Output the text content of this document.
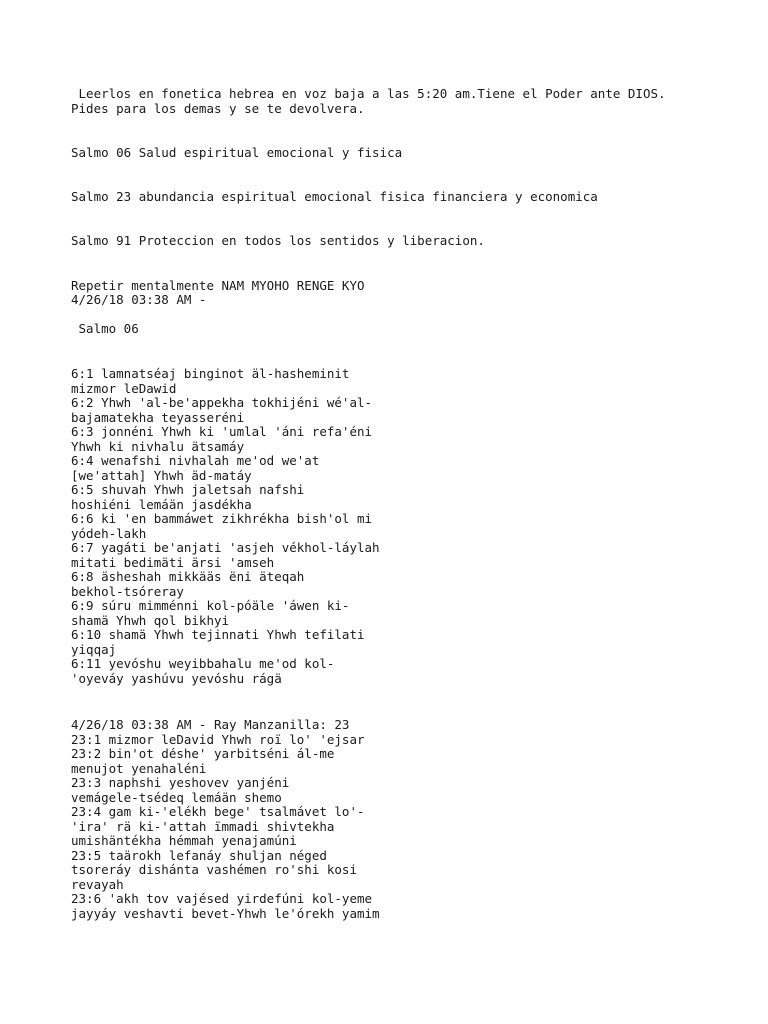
Leerlos en fonetica hebrea en voz baja a las 5:20 am.Tiene el Poder ante DIOS.
Pides para los demas y se te devolvera.
Salmo 06 Salud espiritual emocional y fisica
Salmo 23 abundancia espiritual emocional fisica financiera y economica
Salmo 91 Proteccion en todos los sentidos y liberacion.
Repetir mentalmente NAM MYOHO RENGE KYO
4/26/18 03:38 AM -
Salmo 06
6:1 lamnatséaj binginot äl-hasheminit
mizmor leDawid
6:2 Yhwh 'al-be'appekha tokhijéni wé'al-
bajamatekha teyasseréni
6:3 jonnéni Yhwh ki 'umlal 'áni refa'éni
Yhwh ki nivhalu ätsamáy
6:4 wenafshi nivhalah me'od we'at
[we'attah] Yhwh äd-matáy
6:5 shuvah Yhwh jaletsah nafshi
hoshiéni lemáän jasdékha
6:6 ki 'en bammáwet zikhrékha bish'ol mi
yódeh-lakh
6:7 yagáti be'anjati 'asjeh vékhol-láylah
mitati bedimäti ärsi 'amseh
6:8 äsheshah mikkääs ëni äteqah
bekhol-tsóreray
6:9 súru mimménni kol-póäle 'áwen ki-
shamä Yhwh qol bikhyi
6:10 shamä Yhwh tejinnati Yhwh tefilati
yiqqaj
6:11 yevóshu weyibbahalu me'od kol-
'oyeváy yashúvu yevóshu rágä
4/26/18 03:38 AM - Ray Manzanilla: 23
23:1 mizmor leDavid Yhwh roï lo' 'ejsar
23:2 bin'ot déshe' yarbitséni ál-me
menujot yenahaléni
23:3 naphshi yeshovev yanjéni
vemágele-tsédeq lemáän shemo
23:4 gam ki-'elékh bege' tsalmávet lo'-
'ira' rä ki-'attah ïmmadi shivtekha
umishäntékha hémmah yenajamúni
23:5 taärokh lefanáy shuljan néged
tsoreráy dishánta vashémen ro'shi kosi
revayah
23:6 'akh tov vajésed yirdefúni kol-yeme
jayyáy veshavti bevet-Yhwh le'órekh yamim
